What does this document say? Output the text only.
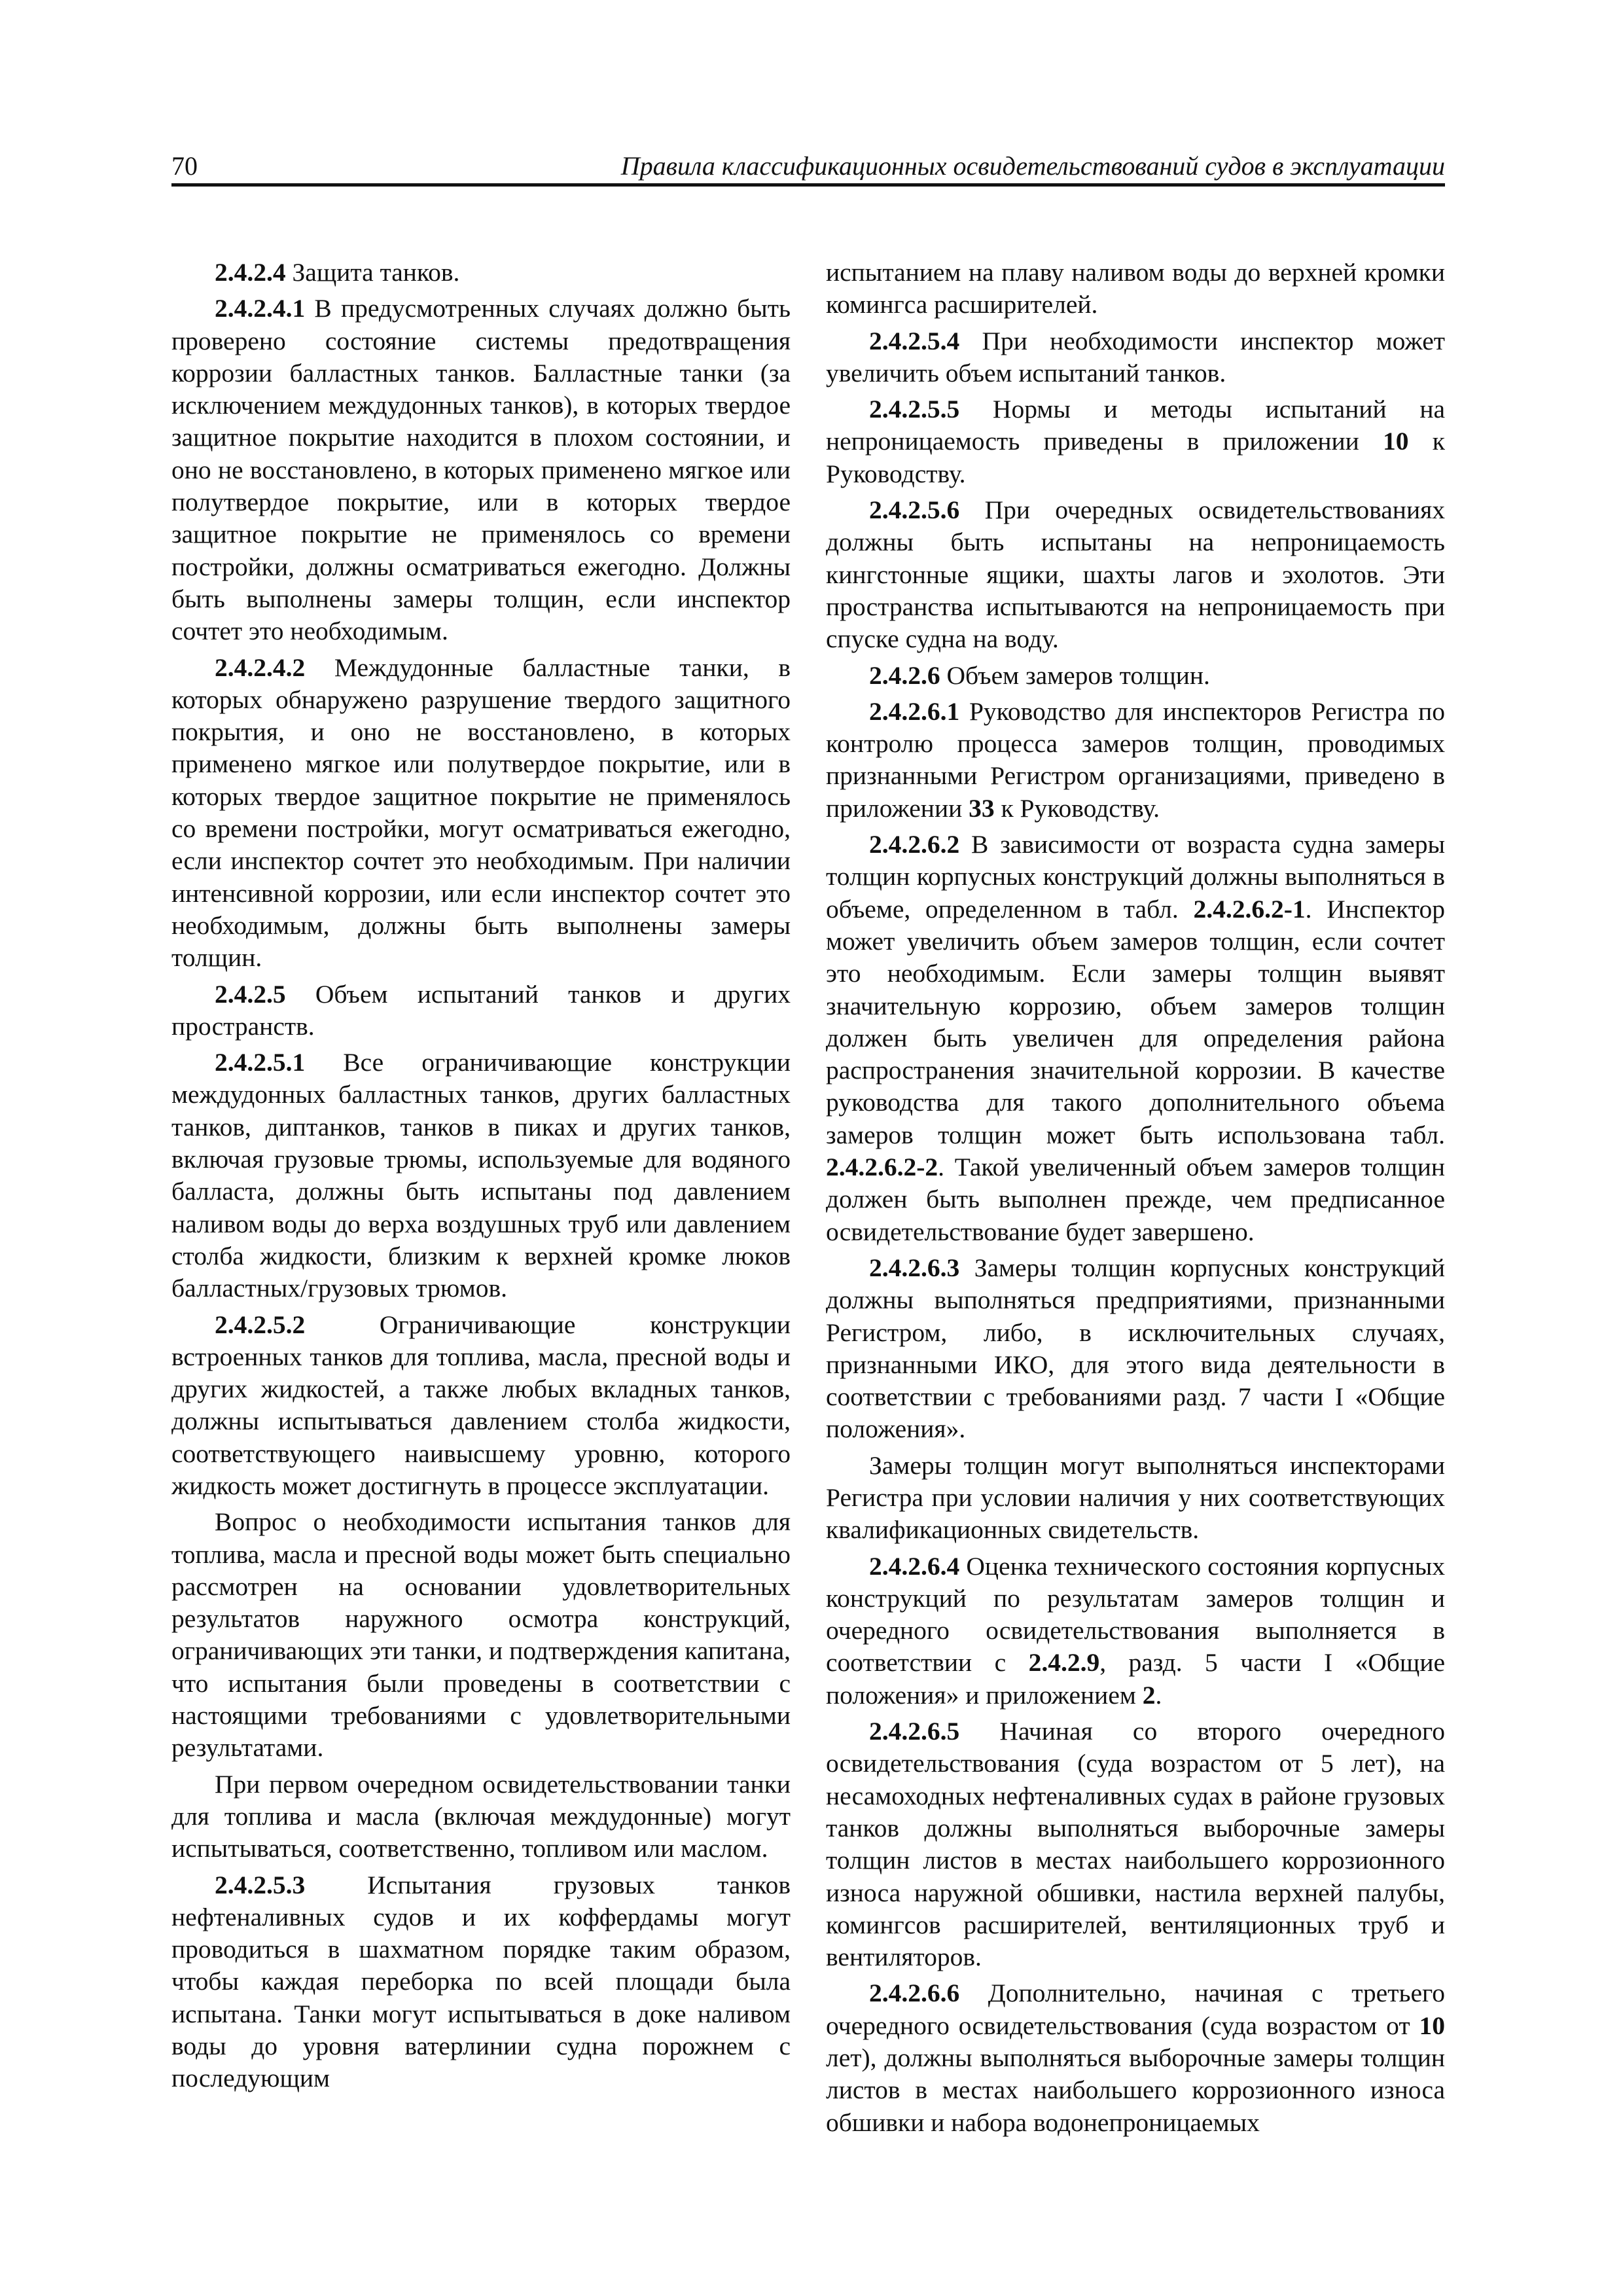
70	Правила классификационных освидетельствований судов в эксплуатации

2.4.2.4 Защита танков.

2.4.2.4.1 В предусмотренных случаях должно быть проверено состояние системы предотвращения коррозии балластных танков. Балластные танки (за исключением междудонных танков), в которых твердое защитное покрытие находится в плохом состоянии, и оно не восстановлено, в которых применено мягкое или полутвердое покрытие, или в которых твердое защитное покрытие не применялось со времени постройки, должны осматриваться ежегодно. Должны быть выполнены замеры толщин, если инспектор сочтет это необходимым.

2.4.2.4.2 Междудонные балластные танки, в которых обнаружено разрушение твердого защитного покрытия, и оно не восстановлено, в которых применено мягкое или полутвердое покрытие, или в которых твердое защитное покрытие не применялось со времени постройки, могут осматриваться ежегодно, если инспектор сочтет это необходимым. При наличии интенсивной коррозии, или если инспектор сочтет это необходимым, должны быть выполнены замеры толщин.

2.4.2.5 Объем испытаний танков и других пространств.

2.4.2.5.1 Все ограничивающие конструкции междудонных балластных танков, других балластных танков, диптанков, танков в пиках и других танков, включая грузовые трюмы, используемые для водяного балласта, должны быть испытаны под давлением наливом воды до верха воздушных труб или давлением столба жидкости, близким к верхней кромке люков балластных/грузовых трюмов.

2.4.2.5.2 Ограничивающие конструкции встроенных танков для топлива, масла, пресной воды и других жидкостей, а также любых вкладных танков, должны испытываться давлением столба жидкости, соответствующего наивысшему уровню, которого жидкость может достигнуть в процессе эксплуатации.

Вопрос о необходимости испытания танков для топлива, масла и пресной воды может быть специально рассмотрен на основании удовлетворительных результатов наружного осмотра конструкций, ограничивающих эти танки, и подтверждения капитана, что испытания были проведены в соответствии с настоящими требованиями с удовлетворительными результатами.

При первом очередном освидетельствовании танки для топлива и масла (включая междудонные) могут испытываться, соответственно, топливом или маслом.

2.4.2.5.3 Испытания грузовых танков нефтеналивных судов и их коффердамы могут проводиться в шахматном порядке таким образом, чтобы каждая переборка по всей площади была испытана. Танки могут испытываться в доке наливом воды до уровня ватерлинии судна порожнем с последующим

испытанием на плаву наливом воды до верхней кромки комингса расширителей.

2.4.2.5.4 При необходимости инспектор может увеличить объем испытаний танков.

2.4.2.5.5 Нормы и методы испытаний на непроницаемость приведены в приложении 10 к Руководству.

2.4.2.5.6 При очередных освидетельствованиях должны быть испытаны на непроницаемость кингстонные ящики, шахты лагов и эхолотов. Эти пространства испытываются на непроницаемость при спуске судна на воду.

2.4.2.6 Объем замеров толщин.

2.4.2.6.1 Руководство для инспекторов Регистра по контролю процесса замеров толщин, проводимых признанными Регистром организациями, приведено в приложении 33 к Руководству.

2.4.2.6.2 В зависимости от возраста судна замеры толщин корпусных конструкций должны выполняться в объеме, определенном в табл. 2.4.2.6.2-1. Инспектор может увеличить объем замеров толщин, если сочтет это необходимым. Если замеры толщин выявят значительную коррозию, объем замеров толщин должен быть увеличен для определения района распространения значительной коррозии. В качестве руководства для такого дополнительного объема замеров толщин может быть использована табл. 2.4.2.6.2-2. Такой увеличенный объем замеров толщин должен быть выполнен прежде, чем предписанное освидетельствование будет завершено.

2.4.2.6.3 Замеры толщин корпусных конструкций должны выполняться предприятиями, признанными Регистром, либо, в исключительных случаях, признанными ИКО, для этого вида деятельности в соответствии с требованиями разд. 7 части I «Общие положения».

Замеры толщин могут выполняться инспекторами Регистра при условии наличия у них соответствующих квалификационных свидетельств.

2.4.2.6.4 Оценка технического состояния корпусных конструкций по результатам замеров толщин и очередного освидетельствования выполняется в соответствии с 2.4.2.9, разд. 5 части I «Общие положения» и приложением 2.

2.4.2.6.5 Начиная со второго очередного освидетельствования (суда возрастом от 5 лет), на несамоходных нефтеналивных судах в районе грузовых танков должны выполняться выборочные замеры толщин листов в местах наибольшего коррозионного износа наружной обшивки, настила верхней палубы, комингсов расширителей, вентиляционных труб и вентиляторов.

2.4.2.6.6 Дополнительно, начиная с третьего очередного освидетельствования (суда возрастом от 10 лет), должны выполняться выборочные замеры толщин листов в местах наибольшего коррозионного износа обшивки и набора водонепроницаемых
